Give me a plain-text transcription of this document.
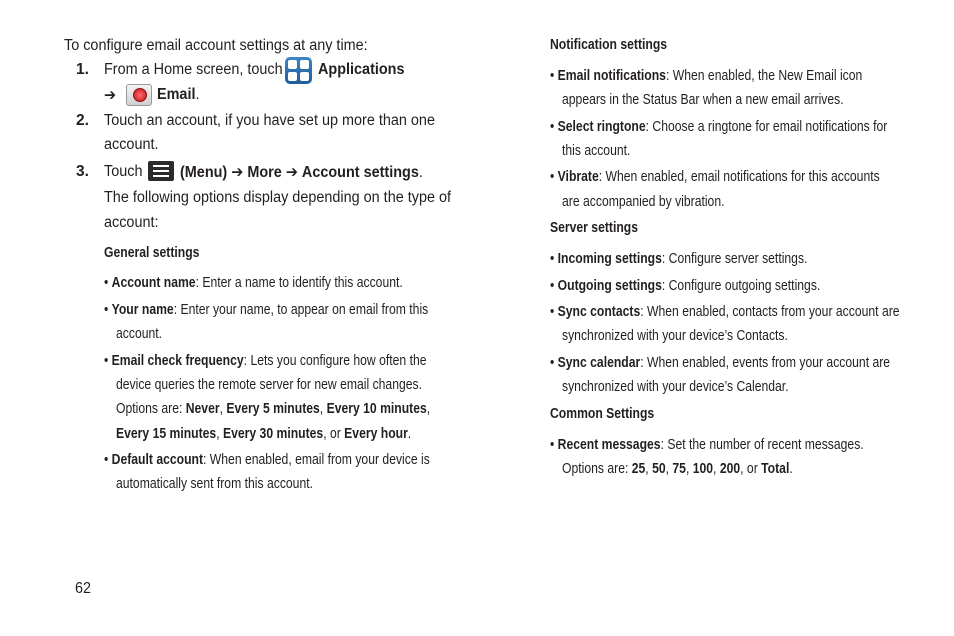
To configure email account settings at any time:
1. From a Home screen, touch Applications
➔	Email.
2. Touch an account, if you have set up more than one
account.
3. Touch (Menu) ➔ More ➔ Account settings.
The following options display depending on the type of
account:
General settings
• Account name: Enter a name to identify this account.
• Your name: Enter your name, to appear on email from this
account.
• Email check frequency: Lets you configure how often the
device queries the remote server for new email changes.
Options are: Never, Every 5 minutes, Every 10 minutes,
Every 15 minutes, Every 30 minutes, or Every hour.
• Default account: When enabled, email from your device is
automatically sent from this account.
Notification settings
• Email notifications: When enabled, the New Email icon
appears in the Status Bar when a new email arrives.
• Select ringtone: Choose a ringtone for email notifications for
this account.
• Vibrate: When enabled, email notifications for this accounts
are accompanied by vibration.
Server settings
• Incoming settings: Configure server settings.
• Outgoing settings: Configure outgoing settings.
• Sync contacts: When enabled, contacts from your account are
synchronized with your device’s Contacts.
• Sync calendar: When enabled, events from your account are
synchronized with your device’s Calendar.
Common Settings
• Recent messages: Set the number of recent messages.
Options are: 25, 50, 75, 100, 200, or Total.
62
